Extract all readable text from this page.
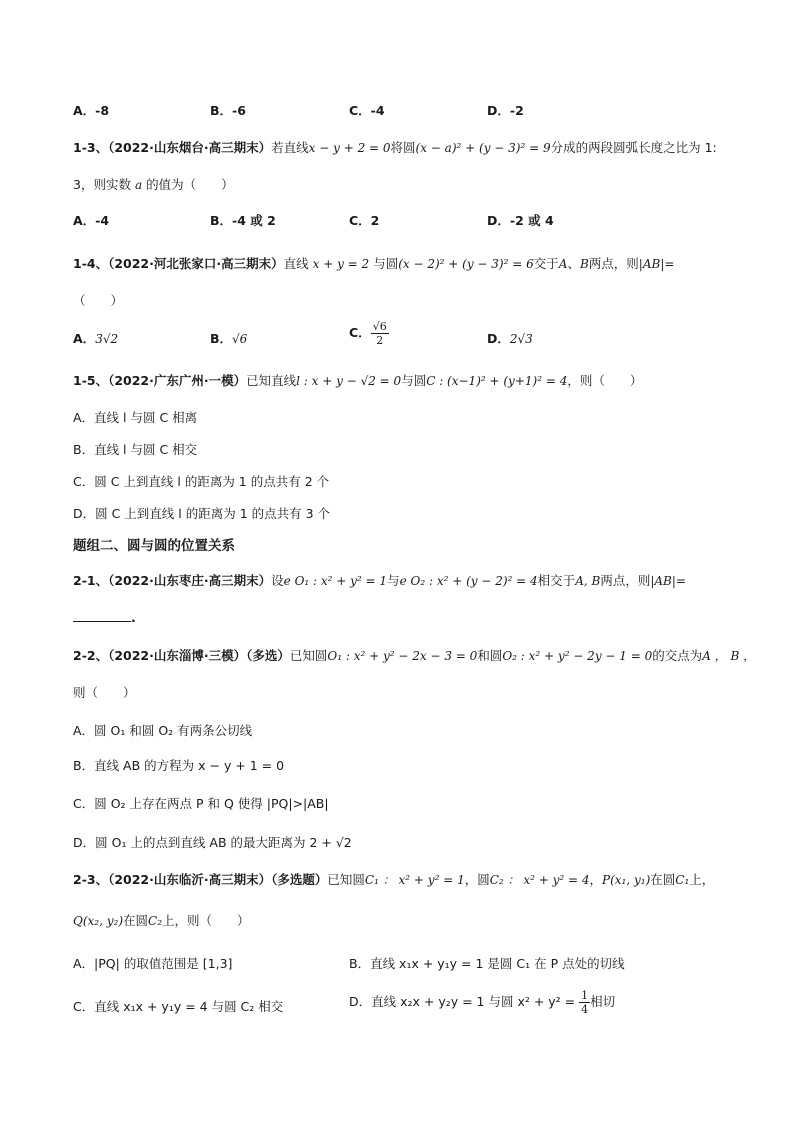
A．-8	B．-6	C．-4	D．-2
1-3、（2022·山东烟台·高三期末）若直线x − y + 2 = 0将圆(x − a)² + (y − 3)² = 9分成的两段圆弧长度之比为 1:
3，则实数 a 的值为（　　）
A．-4	B．-4 或 2	C．2	D．-2 或 4
1-4、（2022·河北张家口·高三期末）直线 x + y = 2 与圆(x − 2)² + (y − 3)² = 6交于A、B两点，则|AB|=
（　　）
A．3√2	B．√6	C． $\frac{√6}{2}$	D．2√3
1-5、（2022·广东广州·一模）已知直线l : x + y − √2 = 0与圆C : (x−1)² + (y+1)² = 4，则（　　）
A．直线 l 与圆 C 相离
B．直线 l 与圆 C 相交
C．圆 C 上到直线 l 的距离为 1 的点共有 2 个
D．圆 C 上到直线 l 的距离为 1 的点共有 3 个
题组二、圆与圆的位置关系
2-1、（2022·山东枣庄·高三期末）设e O₁ : x² + y² = 1与e O₂ : x² + (y − 2)² = 4相交于A, B两点，则|AB|=
.
2-2、（2022·山东淄博·三模）（多选）已知圆O₁ : x² + y² − 2x − 3 = 0和圆O₂ : x² + y² − 2y − 1 = 0的交点为A ， B ，
则（　　）
A．圆 O₁ 和圆 O₂ 有两条公切线
B．直线 AB 的方程为 x − y + 1 = 0
C．圆 O₂ 上存在两点 P 和 Q 使得 |PQ|>|AB|
D．圆 O₁ 上的点到直线 AB 的最大距离为 2 + √2
2-3、（2022·山东临沂·高三期末）（多选题）已知圆C₁ ： x² + y² = 1，圆C₂ ： x² + y² = 4，P(x₁, y₁)在圆C₁上，
Q(x₂, y₂)在圆C₂上，则（　　）
A．|PQ| 的取值范围是 [1,3]	B．直线 x₁x + y₁y = 1 是圆 C₁ 在 P 点处的切线
C．直线 x₁x + y₁y = 4 与圆 C₂ 相交	D．直线 x₂x + y₂y = 1 与圆 $x^2 + y^2 = \frac{1}{4}$ 相切
